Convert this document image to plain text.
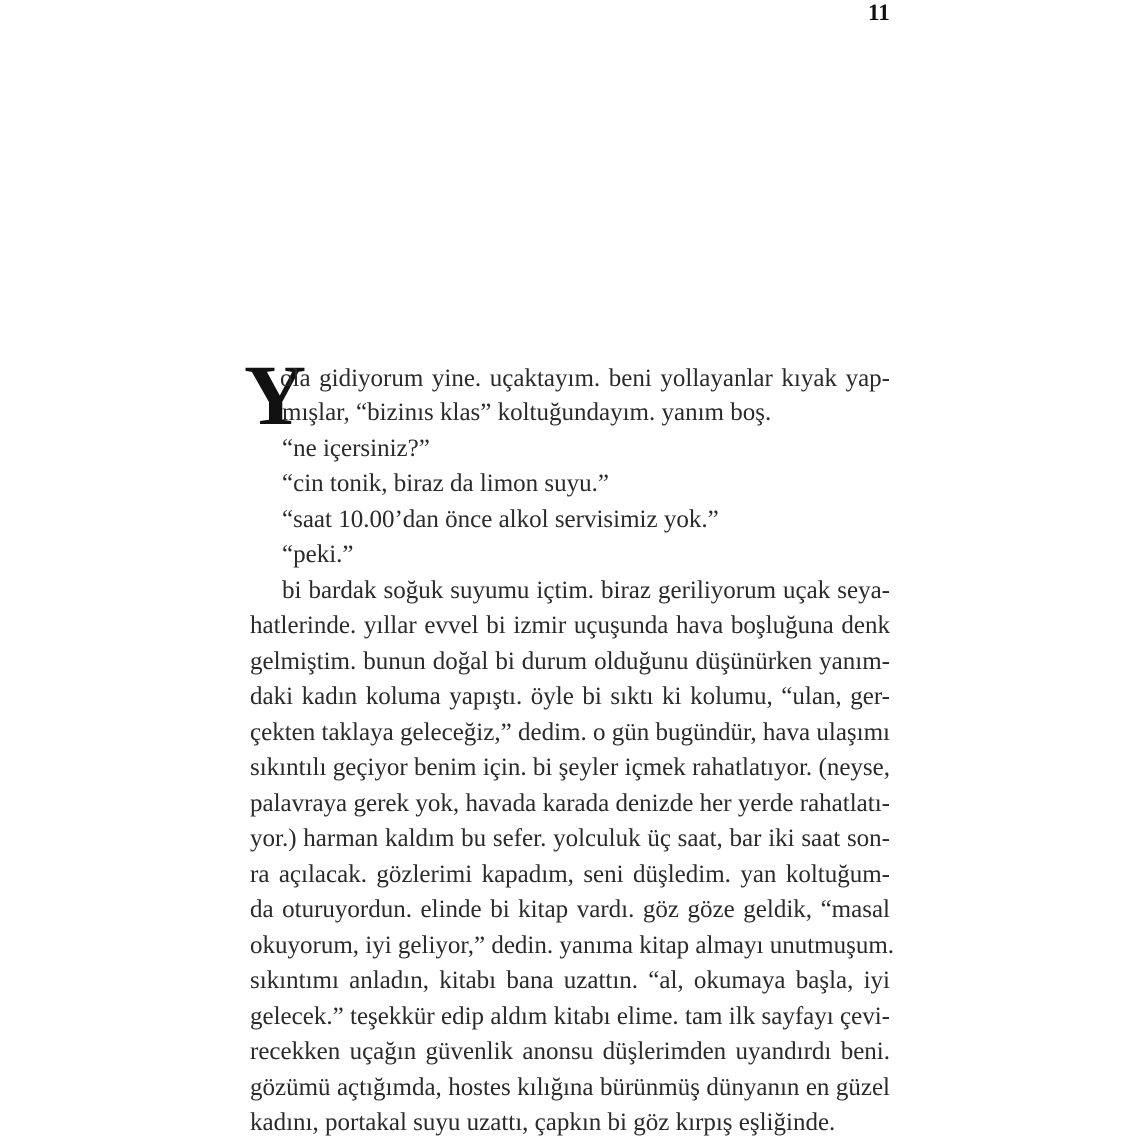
11
Y
ola gidiyorum yine. uçaktayım. beni yollayanlar kıyak yap-
mışlar, “bizinıs klas” koltuğundayım. yanım boş.
“ne içersiniz?”
“cin tonik, biraz da limon suyu.”
“saat 10.00’dan önce alkol servisimiz yok.”
“peki.”
bi bardak soğuk suyumu içtim. biraz geriliyorum uçak seya-
hatlerinde. yıllar evvel bi izmir uçuşunda hava boşluğuna denk
gelmiştim. bunun doğal bi durum olduğunu düşünürken yanım-
daki kadın koluma yapıştı. öyle bi sıktı ki kolumu, “ulan, ger-
çekten taklaya geleceğiz,” dedim. o gün bugündür, hava ulaşımı
sıkıntılı geçiyor benim için. bi şeyler içmek rahatlatıyor. (neyse,
palavraya gerek yok, havada karada denizde her yerde rahatlatı-
yor.) harman kaldım bu sefer. yolculuk üç saat, bar iki saat son-
ra açılacak. gözlerimi kapadım, seni düşledim. yan koltuğum-
da oturuyordun. elinde bi kitap vardı. göz göze geldik, “masal
okuyorum, iyi geliyor,” dedin. yanıma kitap almayı unutmuşum.
sıkıntımı anladın, kitabı bana uzattın. “al, okumaya başla, iyi
gelecek.” teşekkür edip aldım kitabı elime. tam ilk sayfayı çevi-
recekken uçağın güvenlik anonsu düşlerimden uyandırdı beni.
gözümü açtığımda, hostes kılığına bürünmüş dünyanın en güzel
kadını, portakal suyu uzattı, çapkın bi göz kırpış eşliğinde.
